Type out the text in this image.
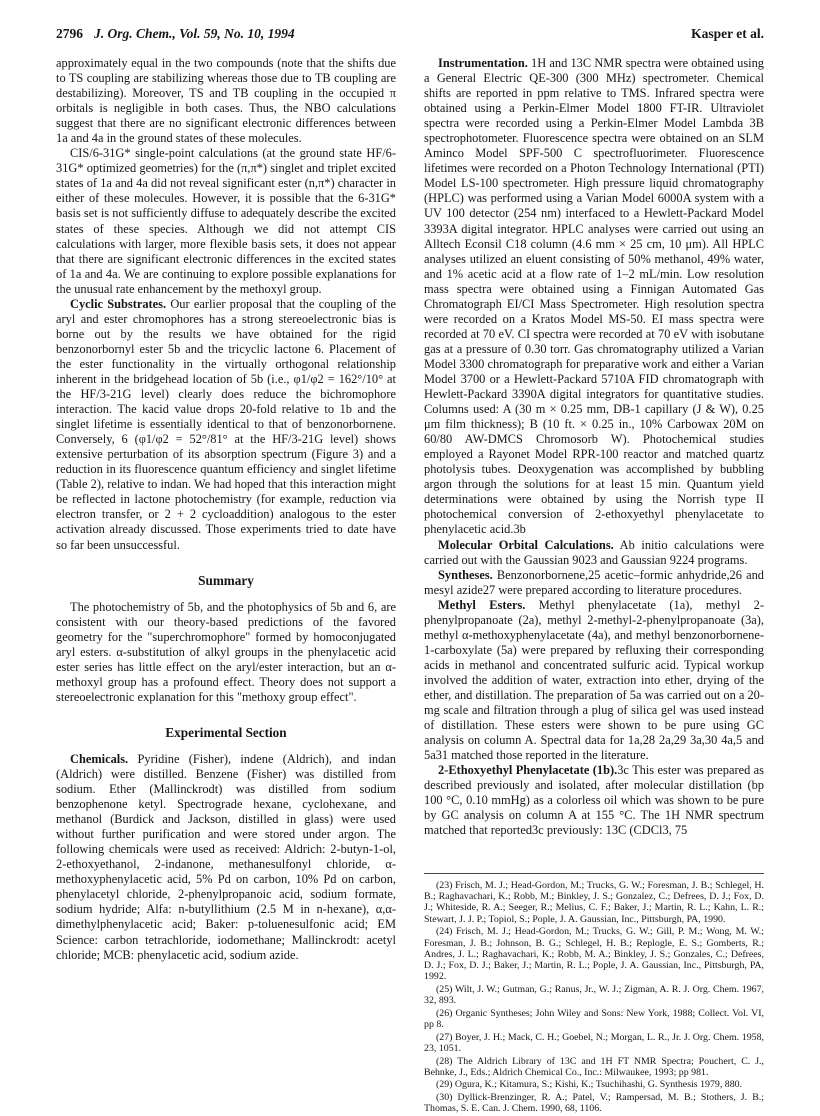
2796 J. Org. Chem., Vol. 59, No. 10, 1994	Kasper et al.

approximately equal in the two compounds (note that the shifts due to TS coupling are stabilizing whereas those due to TB coupling are destabilizing). Moreover, TS and TB coupling in the occupied π orbitals is negligible in both cases. Thus, the NBO calculations suggest that there are no significant electronic differences between 1a and 4a in the ground states of these molecules.

CIS/6-31G* single-point calculations (at the ground state HF/6-31G* optimized geometries) for the (π,π*) singlet and triplet excited states of 1a and 4a did not reveal significant ester (n,π*) character in either of these molecules. However, it is possible that the 6-31G* basis set is not sufficiently diffuse to adequately describe the excited states of these species. Although we did not attempt CIS calculations with larger, more flexible basis sets, it does not appear that there are significant electronic differences in the excited states of 1a and 4a. We are continuing to explore possible explanations for the unusual rate enhancement by the methoxyl group.

Cyclic Substrates. Our earlier proposal that the coupling of the aryl and ester chromophores has a strong stereoelectronic bias is borne out by the results we have obtained for the rigid benzonorbornyl ester 5b and the tricyclic lactone 6. Placement of the ester functionality in the virtually orthogonal relationship inherent in the bridgehead location of 5b (i.e., φ1/φ2 = 162°/10° at the HF/3-21G level) clearly does reduce the bichromophore interaction. The kacid value drops 20-fold relative to 1b and the singlet lifetime is essentially identical to that of benzonorbornene. Conversely, 6 (φ1/φ2 = 52°/81° at the HF/3-21G level) shows extensive perturbation of its absorption spectrum (Figure 3) and a reduction in its fluorescence quantum efficiency and singlet lifetime (Table 2), relative to indan. We had hoped that this interaction might be reflected in lactone photochemistry (for example, reduction via electron transfer, or 2 + 2 cycloaddition) analogous to the ester activation already discussed. Those experiments tried to date have so far been unsuccessful.

Summary

The photochemistry of 5b, and the photophysics of 5b and 6, are consistent with our theory-based predictions of the favored geometry for the "superchromophore" formed by homoconjugated aryl esters. α-substitution of alkyl groups in the phenylacetic acid ester series has little effect on the aryl/ester interaction, but an α-methoxyl group has a profound effect. Theory does not support a stereoelectronic explanation for this "methoxy group effect".

Experimental Section

Chemicals. Pyridine (Fisher), indene (Aldrich), and indan (Aldrich) were distilled. Benzene (Fisher) was distilled from sodium. Ether (Mallinckrodt) was distilled from sodium benzophenone ketyl. Spectrograde hexane, cyclohexane, and methanol (Burdick and Jackson, distilled in glass) were used without further purification and were stored under argon. The following chemicals were used as received: Aldrich: 2-butyn-1-ol, 2-ethoxyethanol, 2-indanone, methanesulfonyl chloride, α-methoxyphenylacetic acid, 5% Pd on carbon, 10% Pd on carbon, phenylacetyl chloride, 2-phenylpropanoic acid, sodium formate, sodium hydride; Alfa: n-butyllithium (2.5 M in n-hexane), α,α-dimethylphenylacetic acid; Baker: p-toluenesulfonic acid; EM Science: carbon tetrachloride, iodomethane; Mallinckrodt: acetyl chloride; MCB: phenylacetic acid, sodium azide.

Instrumentation. 1H and 13C NMR spectra were obtained using a General Electric QE-300 (300 MHz) spectrometer. Chemical shifts are reported in ppm relative to TMS. Infrared spectra were obtained using a Perkin-Elmer Model 1800 FT-IR. Ultraviolet spectra were recorded using a Perkin-Elmer Model Lambda 3B spectrophotometer. Fluorescence spectra were obtained on an SLM Aminco Model SPF-500 C spectrofluorimeter. Fluorescence lifetimes were recorded on a Photon Technology International (PTI) Model LS-100 spectrometer. High pressure liquid chromatography (HPLC) was performed using a Varian Model 6000A system with a UV 100 detector (254 nm) interfaced to a Hewlett-Packard Model 3393A digital integrator. HPLC analyses were carried out using an Alltech Econsil C18 column (4.6 mm × 25 cm, 10 μm). All HPLC analyses utilized an eluent consisting of 50% methanol, 49% water, and 1% acetic acid at a flow rate of 1–2 mL/min. Low resolution mass spectra were obtained using a Finnigan Automated Gas Chromatograph EI/CI Mass Spectrometer. High resolution spectra were recorded on a Kratos Model MS-50. EI mass spectra were recorded at 70 eV. CI spectra were recorded at 70 eV with isobutane gas at a pressure of 0.30 torr. Gas chromatography utilized a Varian Model 3300 chromatograph for preparative work and either a Varian Model 3700 or a Hewlett-Packard 5710A FID chromatograph with Hewlett-Packard 3390A digital integrators for quantitative studies. Columns used: A (30 m × 0.25 mm, DB-1 capillary (J & W), 0.25 μm film thickness); B (10 ft. × 0.25 in., 10% Carbowax 20M on 60/80 AW-DMCS Chromosorb W). Photochemical studies employed a Rayonet Model RPR-100 reactor and matched quartz photolysis tubes. Deoxygenation was accomplished by bubbling argon through the solutions for at least 15 min. Quantum yield determinations were obtained by using the Norrish type II photochemical conversion of 2-ethoxyethyl phenylacetate to phenylacetic acid.3b

Molecular Orbital Calculations. Ab initio calculations were carried out with the Gaussian 9023 and Gaussian 9224 programs.

Syntheses. Benzonorbornene,25 acetic–formic anhydride,26 and mesyl azide27 were prepared according to literature procedures.

Methyl Esters. Methyl phenylacetate (1a), methyl 2-phenylpropanoate (2a), methyl 2-methyl-2-phenylpropanoate (3a), methyl α-methoxyphenylacetate (4a), and methyl benzonorbornene-1-carboxylate (5a) were prepared by refluxing their corresponding acids in methanol and concentrated sulfuric acid. Typical workup involved the addition of water, extraction into ether, drying of the ether, and distillation. The preparation of 5a was carried out on a 20-mg scale and filtration through a plug of silica gel was used instead of distillation. These esters were shown to be pure using GC analysis on column A. Spectral data for 1a,28 2a,29 3a,30 4a,5 and 5a31 matched those reported in the literature.

2-Ethoxyethyl Phenylacetate (1b).3c This ester was prepared as described previously and isolated, after molecular distillation (bp 100 °C, 0.10 mmHg) as a colorless oil which was shown to be pure by GC analysis on column A at 155 °C. The 1H NMR spectrum matched that reported3c previously: 13C (CDCl3, 75

(23) Frisch, M. J.; Head-Gordon, M.; Trucks, G. W.; Foresman, J. B.; Schlegel, H. B.; Raghavachari, K.; Robb, M.; Binkley, J. S.; Gonzalez, C.; Defrees, D. J.; Fox, D. J.; Whiteside, R. A.; Seeger, R.; Melius, C. F.; Baker, J.; Martin, R. L.; Kahn, L. R.; Stewart, J. J. P.; Topiol, S.; Pople, J. A. Gaussian, Inc., Pittsburgh, PA, 1990.

(24) Frisch, M. J.; Head-Gordon, M.; Trucks, G. W.; Gill, P. M.; Wong, M. W.; Foresman, J. B.; Johnson, B. G.; Schlegel, H. B.; Replogle, E. S.; Gomberts, R.; Andres, J. L.; Raghavachari, K.; Robb, M. A.; Binkley, J. S.; Gonzales, C.; Defrees, D. J.; Fox, D. J.; Baker, J.; Martin, R. L.; Pople, J. A. Gaussian, Inc., Pittsburgh, PA, 1992.

(25) Wilt, J. W.; Gutman, G.; Ranus, Jr., W. J.; Zigman, A. R. J. Org. Chem. 1967, 32, 893.

(26) Organic Syntheses; John Wiley and Sons: New York, 1988; Collect. Vol. VI, pp 8.

(27) Boyer, J. H.; Mack, C. H.; Goebel, N.; Morgan, L. R., Jr. J. Org. Chem. 1958, 23, 1051.

(28) The Aldrich Library of 13C and 1H FT NMR Spectra; Pouchert, C. J., Behnke, J., Eds.; Aldrich Chemical Co., Inc.: Milwaukee, 1993; pp 981.

(29) Ogura, K.; Kitamura, S.; Kishi, K.; Tsuchihashi, G. Synthesis 1979, 880.

(30) Dyllick-Brenzinger, R. A.; Patel, V.; Rampersad, M. B.; Stothers, J. B.; Thomas, S. E. Can. J. Chem. 1990, 68, 1106.
